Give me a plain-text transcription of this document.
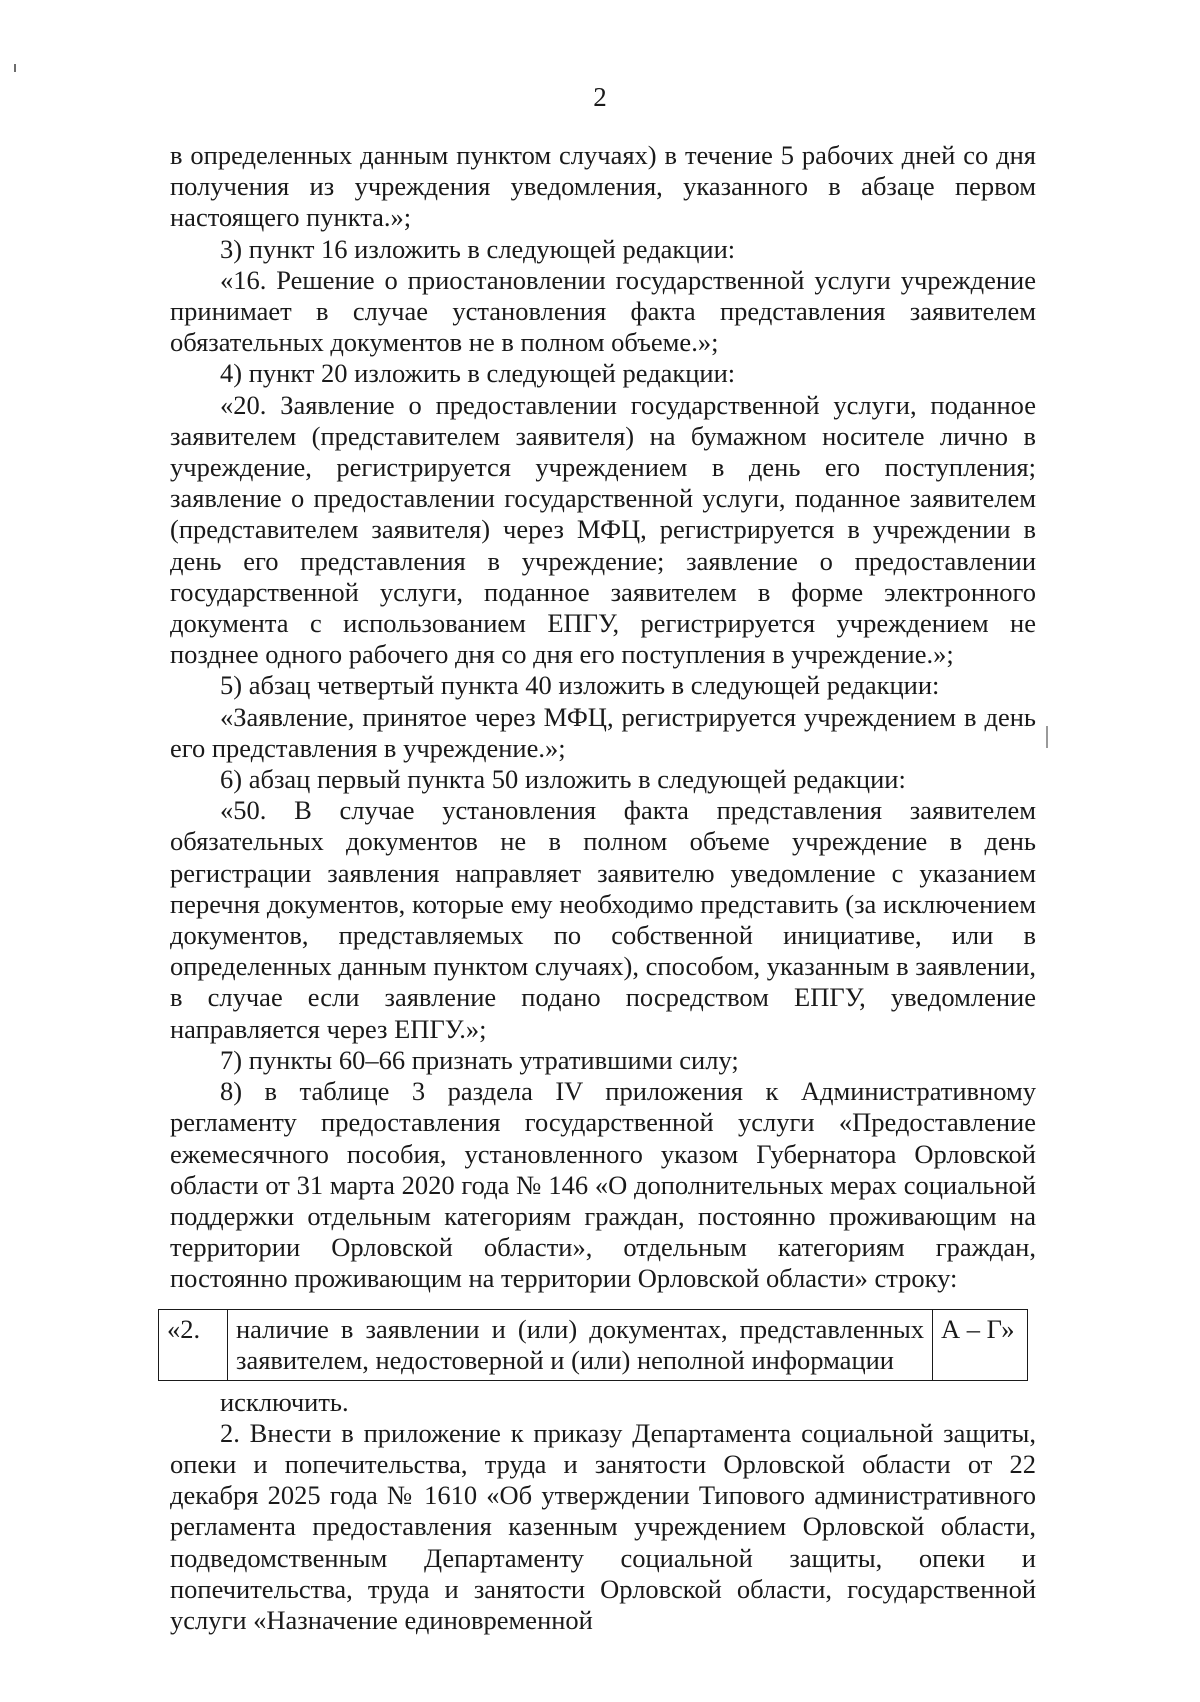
2

в определенных данным пунктом случаях) в течение 5 рабочих дней со дня получения из учреждения уведомления, указанного в абзаце первом настоящего пункта.»;

3) пункт 16 изложить в следующей редакции:

«16. Решение о приостановлении государственной услуги учреждение принимает в случае установления факта представления заявителем обязательных документов не в полном объеме.»;

4) пункт 20 изложить в следующей редакции:

«20. Заявление о предоставлении государственной услуги, поданное заявителем (представителем заявителя) на бумажном носителе лично в учреждение, регистрируется учреждением в день его поступления; заявление о предоставлении государственной услуги, поданное заявителем (представителем заявителя) через МФЦ, регистрируется в учреждении в день его представления в учреждение; заявление о предоставлении государственной услуги, поданное заявителем в форме электронного документа с использованием ЕПГУ, регистрируется учреждением не позднее одного рабочего дня со дня его поступления в учреждение.»;

5) абзац четвертый пункта 40 изложить в следующей редакции:

«Заявление, принятое через МФЦ, регистрируется учреждением в день его представления в учреждение.»;

6) абзац первый пункта 50 изложить в следующей редакции:

«50. В случае установления факта представления заявителем обязательных документов не в полном объеме учреждение в день регистрации заявления направляет заявителю уведомление с указанием перечня документов, которые ему необходимо представить (за исключением документов, представляемых по собственной инициативе, или в определенных данным пунктом случаях), способом, указанным в заявлении, в случае если заявление подано посредством ЕПГУ, уведомление направляется через ЕПГУ.»;

7) пункты 60–66 признать утратившими силу;

8) в таблице 3 раздела IV приложения к Административному регламенту предоставления государственной услуги «Предоставление ежемесячного пособия, установленного указом Губернатора Орловской области от 31 марта 2020 года № 146 «О дополнительных мерах социальной поддержки отдельным категориям граждан, постоянно проживающим на территории Орловской области», отдельным категориям граждан, постоянно проживающим на территории Орловской области» строку:

«2.	наличие в заявлении и (или) документах, представленных заявителем, недостоверной и (или) неполной информации	А – Г»

исключить.

2. Внести в приложение к приказу Департамента социальной защиты, опеки и попечительства, труда и занятости Орловской области от 22 декабря 2025 года № 1610 «Об утверждении Типового административного регламента предоставления казенным учреждением Орловской области, подведомственным Департаменту социальной защиты, опеки и попечительства, труда и занятости Орловской области, государственной услуги «Назначение единовременной
